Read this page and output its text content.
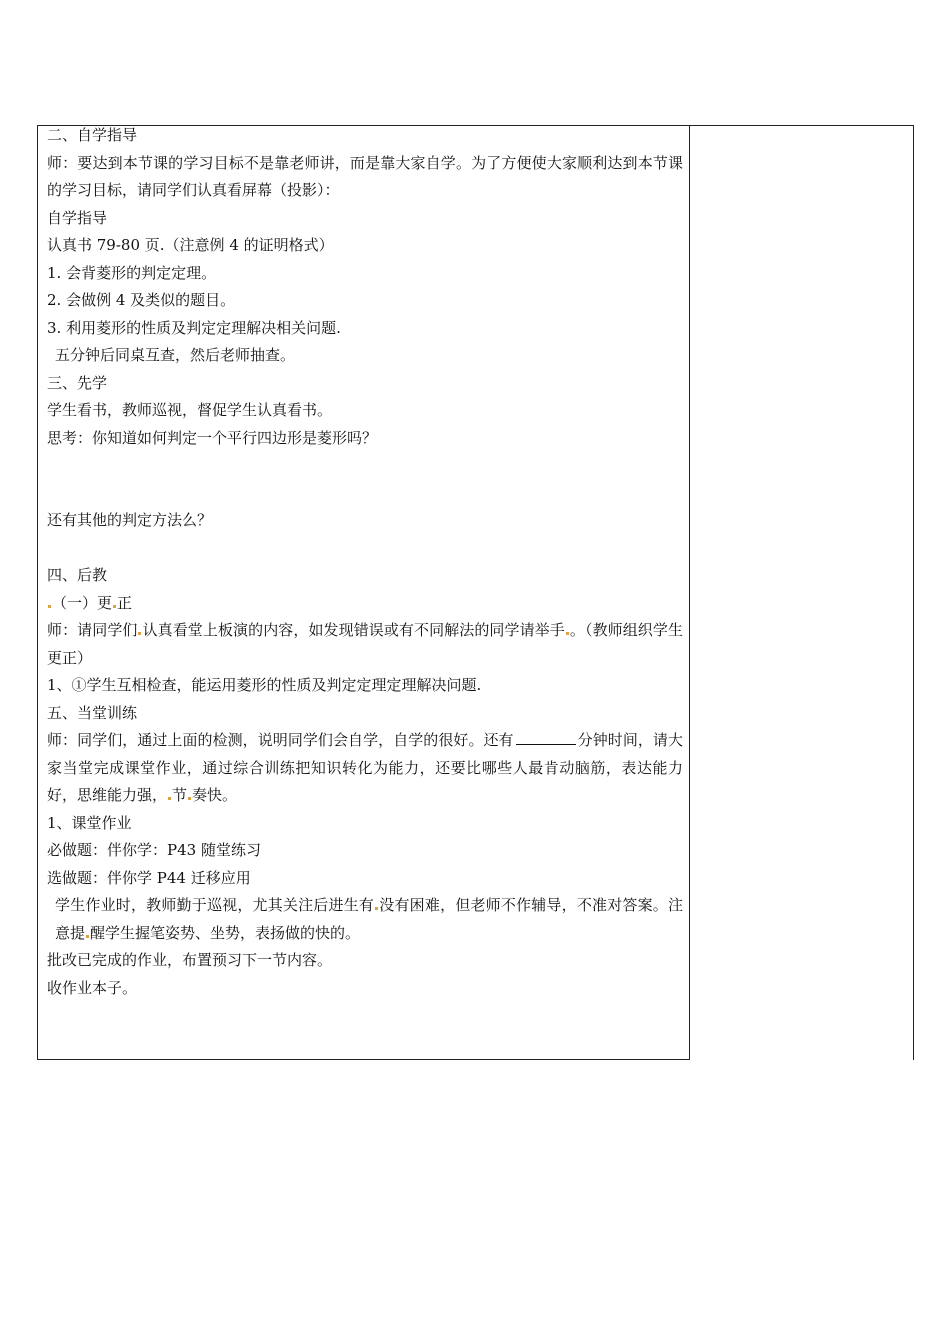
二、自学指导
师：要达到本节课的学习目标不是靠老师讲，而是靠大家自学。为了方便使大家顺利达到本节课的学习目标，请同学们认真看屏幕（投影）：
自学指导
认真书 79-80 页.（注意例 4 的证明格式）
1. 会背菱形的判定定理。
2. 会做例 4 及类似的题目。
3. 利用菱形的性质及判定定理解决相关问题.
五分钟后同桌互查，然后老师抽查。
三、先学
学生看书，教师巡视，督促学生认真看书。
思考：你知道如何判定一个平行四边形是菱形吗？
还有其他的判定方法么？
四、后教
（一）更 正
师：请同学们 认真看堂上板演的内容，如发现错误或有不同解法的同学请举手 。（教师组织学生更正）
1、①学生互相检查，能运用菱形的性质及判定定理定理解决问题.
五、当堂训练
师：同学们，通过上面的检测，说明同学们会自学，自学的很好。还有	分钟时间，请大家当堂完成课堂作业，通过综合训练把知识转化为能力，还要比哪些人最肯动脑筋，表达能力好，思维能力强， 节 奏快。
1、课堂作业
必做题：伴你学：P43 随堂练习
选做题：伴你学 P44 迁移应用
学生作业时，教师勤于巡视，尤其关注后进生有 没有困难，但老师不作辅导，不准对答案。注意提 醒学生握笔姿势、坐势，表扬做的快的。
批改已完成的作业，布置预习下一节内容。
收作业本子。
